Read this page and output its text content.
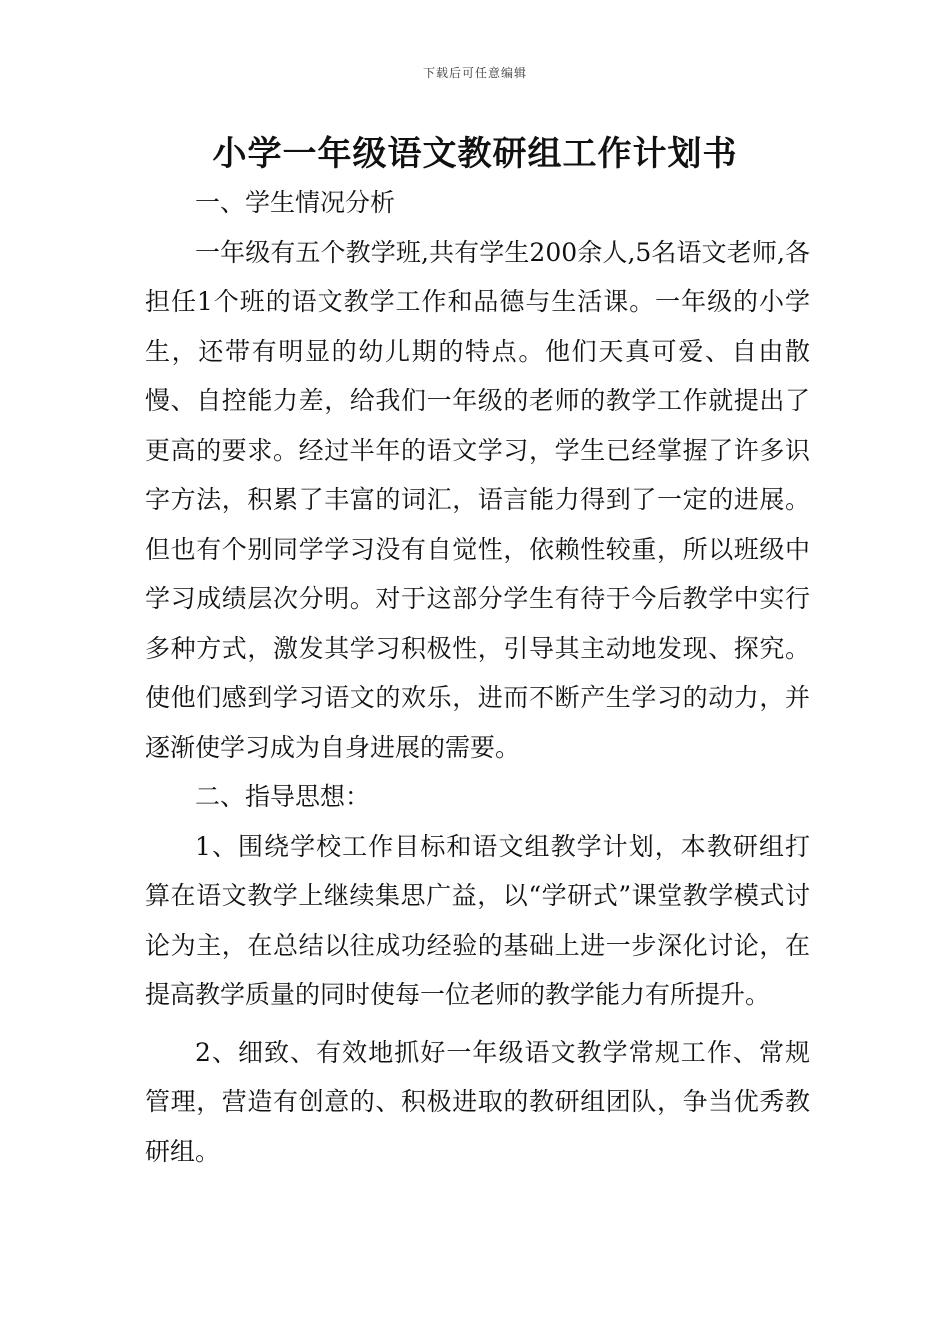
下载后可任意编辑
小学一年级语文教研组工作计划书

一、学生情况分析

一年级有五个教学班,共有学生200余人,5名语文老师,各担任1个班的语文教学工作和品德与生活课。一年级的小学生，还带有明显的幼儿期的特点。他们天真可爱、自由散慢、自控能力差，给我们一年级的老师的教学工作就提出了更高的要求。经过半年的语文学习，学生已经掌握了许多识字方法，积累了丰富的词汇，语言能力得到了一定的进展。但也有个别同学学习没有自觉性，依赖性较重，所以班级中学习成绩层次分明。对于这部分学生有待于今后教学中实行多种方式，激发其学习积极性，引导其主动地发现、探究。使他们感到学习语文的欢乐，进而不断产生学习的动力，并逐渐使学习成为自身进展的需要。

二、指导思想：

1、围绕学校工作目标和语文组教学计划，本教研组打算在语文教学上继续集思广益，以“学研式”课堂教学模式讨论为主，在总结以往成功经验的基础上进一步深化讨论，在提高教学质量的同时使每一位老师的教学能力有所提升。

2、细致、有效地抓好一年级语文教学常规工作、常规管理，营造有创意的、积极进取的教研组团队，争当优秀教研组。
